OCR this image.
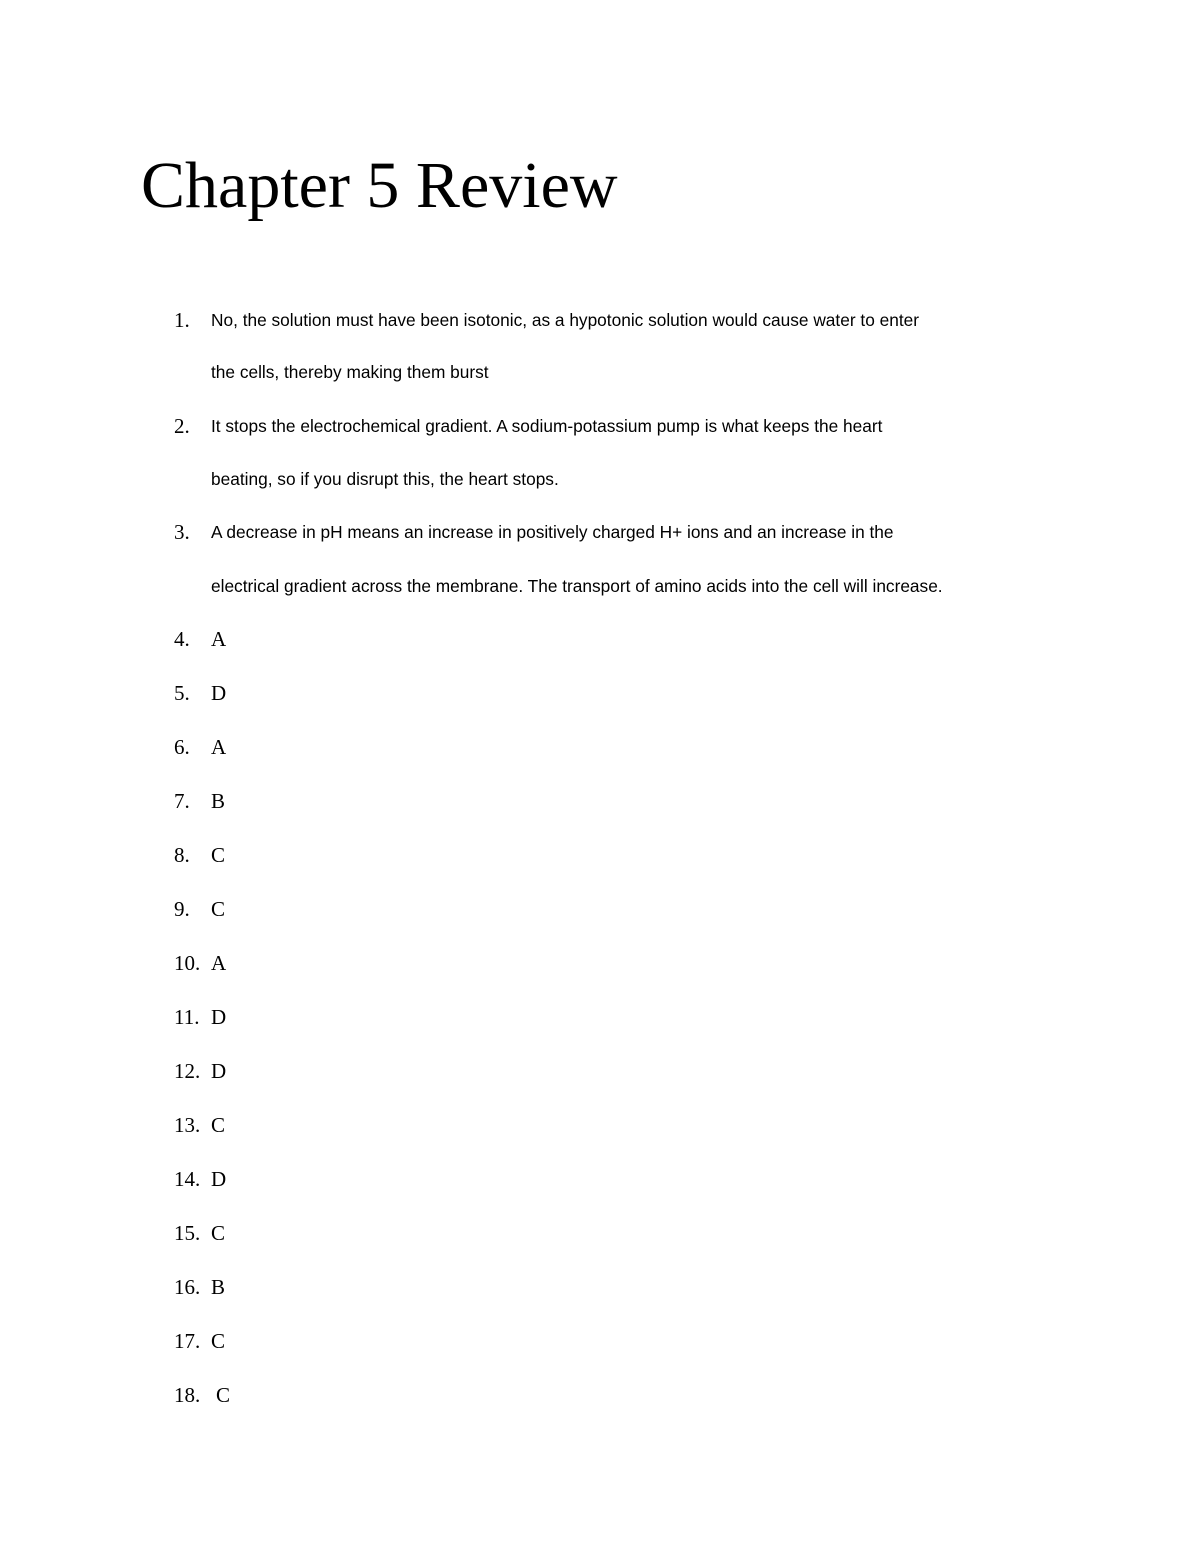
Chapter 5 Review
1. No, the solution must have been isotonic, as a hypotonic solution would cause water to enter
the cells, thereby making them burst
2. It stops the electrochemical gradient. A sodium-potassium pump is what keeps the heart
beating, so if you disrupt this, the heart stops.
3. A decrease in pH means an increase in positively charged H+ ions and an increase in the
electrical gradient across the membrane. The transport of amino acids into the cell will increase.
4. A
5. D
6. A
7. B
8. C
9. C
10. A
11. D
12. D
13. C
14. D
15. C
16. B
17. C
18. C
